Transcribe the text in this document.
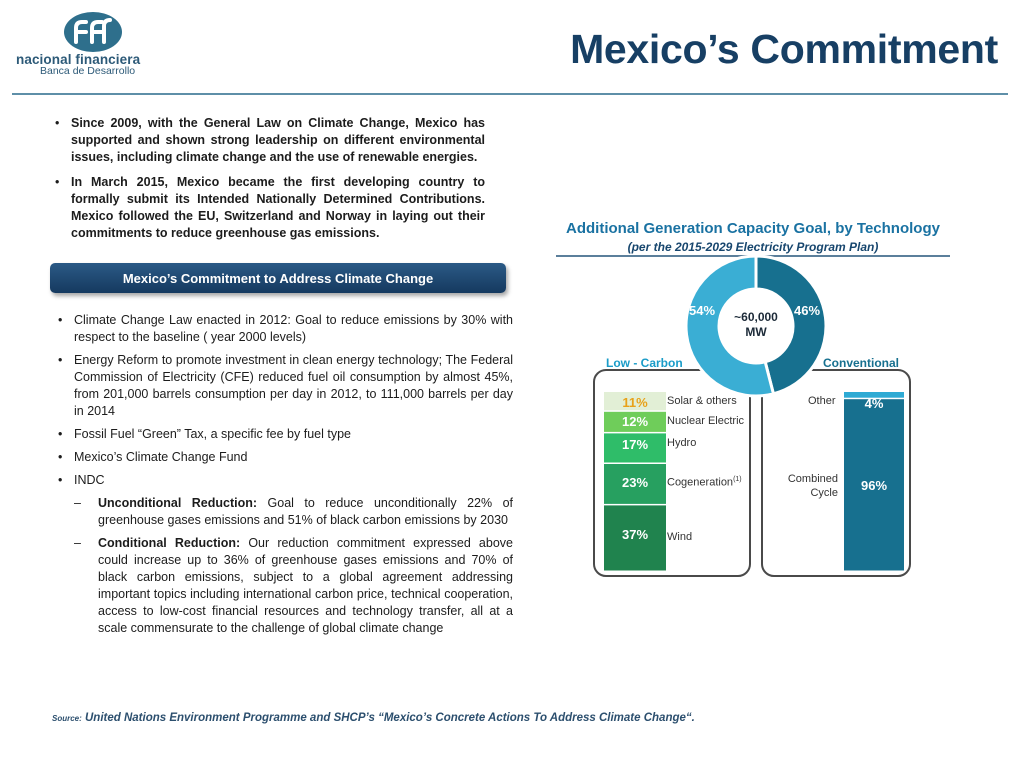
nacional financiera
Banca de Desarrollo	Mexico’s Commitment
• Since 2009, with the General Law on Climate Change, Mexico has supported and shown strong leadership on different environmental issues, including climate change and the use of renewable energies.
• In March 2015, Mexico became the first developing country to formally submit its Intended Nationally Determined Contributions. Mexico followed the EU, Switzerland and Norway in laying out their commitments to reduce greenhouse gas emissions.
Mexico’s Commitment to Address Climate Change
• Climate Change Law enacted in 2012: Goal to reduce emissions by 30% with respect to the baseline ( year 2000 levels)
• Energy Reform to promote investment in clean energy technology; The Federal Commission of Electricity (CFE) reduced fuel oil consumption by almost 45%, from 201,000 barrels consumption per day in 2012, to 111,000 barrels per day in 2014
• Fossil Fuel “Green” Tax, a specific fee by fuel type
• Mexico’s Climate Change Fund
• INDC
– Unconditional Reduction: Goal to reduce unconditionally 22% of greenhouse gases emissions and 51% of black carbon emissions by 2030
– Conditional Reduction: Our reduction commitment expressed above could increase up to 36% of greenhouse gases emissions and 70% of black carbon emissions, subject to a global agreement addressing important topics including international carbon price, technical cooperation, access to low-cost financial resources and technology transfer, all at a scale commensurate to the challenge of global climate change
Additional Generation Capacity Goal, by Technology
(per the 2015-2029 Electricity Program Plan)
54%	46%
~60,000
MW
Low - Carbon	Conventional
11%
12%
17%
23%
37%
Solar & others
Nuclear Electric
Hydro
Cogeneration$^{(1)}$
Wind
4%
96%
Other
Combined Cycle
Source: United Nations Environment Programme and SHCP’s “Mexico’s Concrete Actions To Address Climate Change“.
